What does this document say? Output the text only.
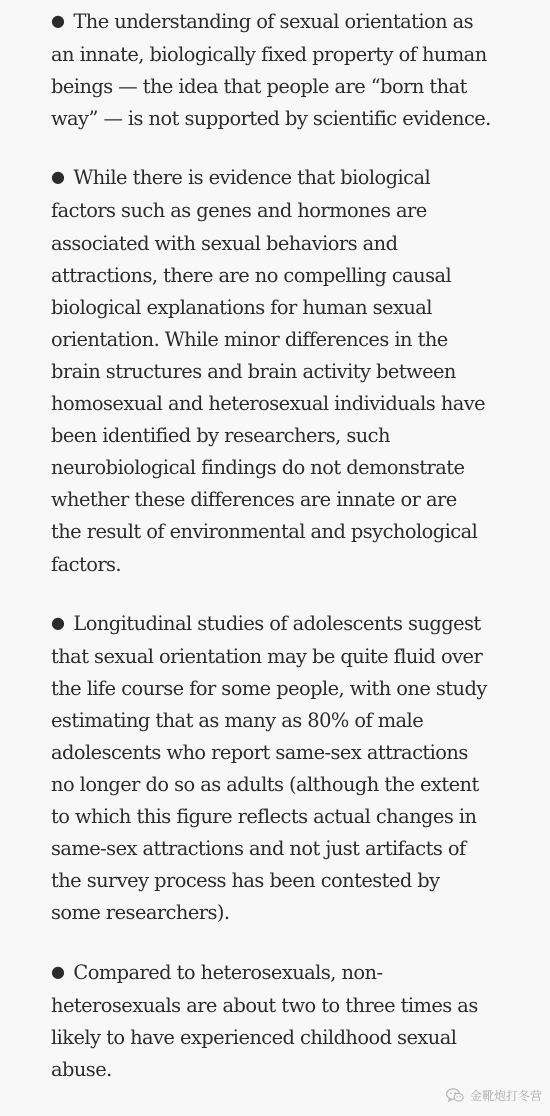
● The understanding of sexual orientation as an innate, biologically fixed property of human beings — the idea that people are “born that way” — is not supported by scientific evidence.

● While there is evidence that biological factors such as genes and hormones are associated with sexual behaviors and attractions, there are no compelling causal biological explanations for human sexual orientation. While minor differences in the brain structures and brain activity between homosexual and heterosexual individuals have been identified by researchers, such neurobiological findings do not demonstrate whether these differences are innate or are the result of environmental and psychological factors.

● Longitudinal studies of adolescents suggest that sexual orientation may be quite fluid over the life course for some people, with one study estimating that as many as 80% of male adolescents who report same-sex attractions no longer do so as adults (although the extent to which this figure reflects actual changes in same-sex attractions and not just artifacts of the survey process has been contested by some researchers).

● Compared to heterosexuals, non-heterosexuals are about two to three times as likely to have experienced childhood sexual abuse.

金靴炮打冬营
